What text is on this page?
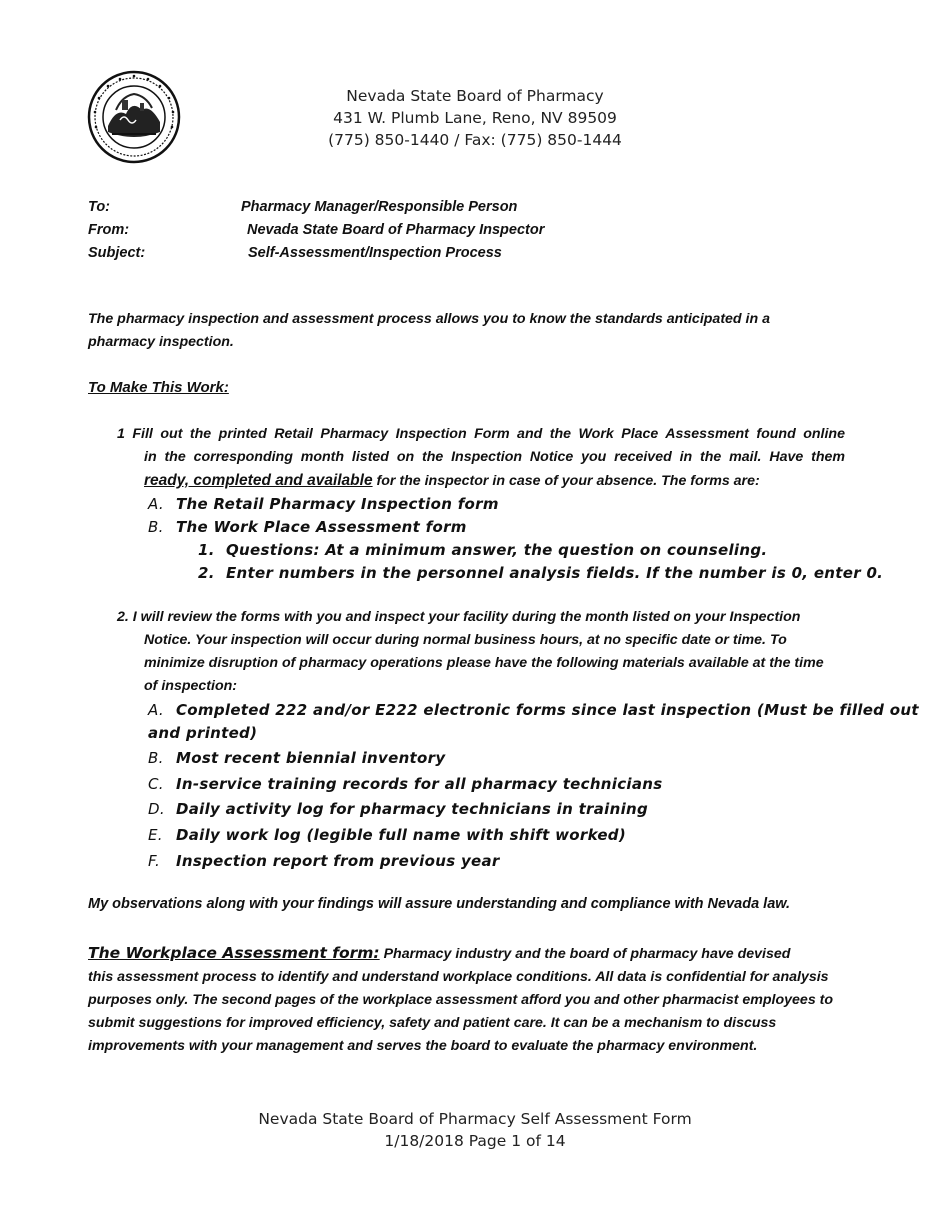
Nevada State Board of Pharmacy
431 W. Plumb Lane, Reno, NV 89509
(775) 850-1440 / Fax: (775) 850-1444
To:	Pharmacy Manager/Responsible Person
From:	Nevada State Board of Pharmacy Inspector
Subject:	Self-Assessment/Inspection Process
The pharmacy inspection and assessment process allows you to know the standards anticipated in a
pharmacy inspection.
To Make This Work:
1 Fill out the printed Retail Pharmacy Inspection Form and the Work Place Assessment found online
in the corresponding month listed on the Inspection Notice you received in the mail. Have them
ready, completed and available for the inspector in case of your absence. The forms are:
A. The Retail Pharmacy Inspection form
B. The Work Place Assessment form
1. Questions: At a minimum answer, the question on counseling.
2. Enter numbers in the personnel analysis fields. If the number is 0, enter 0.
2. I will review the forms with you and inspect your facility during the month listed on your Inspection
Notice. Your inspection will occur during normal business hours, at no specific date or time. To
minimize disruption of pharmacy operations please have the following materials available at the time
of inspection:
A. Completed 222 and/or E222 electronic forms since last inspection (Must be filled out
and printed)
B. Most recent biennial inventory
C. In-service training records for all pharmacy technicians
D. Daily activity log for pharmacy technicians in training
E. Daily work log (legible full name with shift worked)
F. Inspection report from previous year
My observations along with your findings will assure understanding and compliance with Nevada law.
The Workplace Assessment form: Pharmacy industry and the board of pharmacy have devised
this assessment process to identify and understand workplace conditions. All data is confidential for analysis
purposes only. The second pages of the workplace assessment afford you and other pharmacist employees to
submit suggestions for improved efficiency, safety and patient care. It can be a mechanism to discuss
improvements with your management and serves the board to evaluate the pharmacy environment.
Nevada State Board of Pharmacy Self Assessment Form
1/18/2018 Page 1 of 14
